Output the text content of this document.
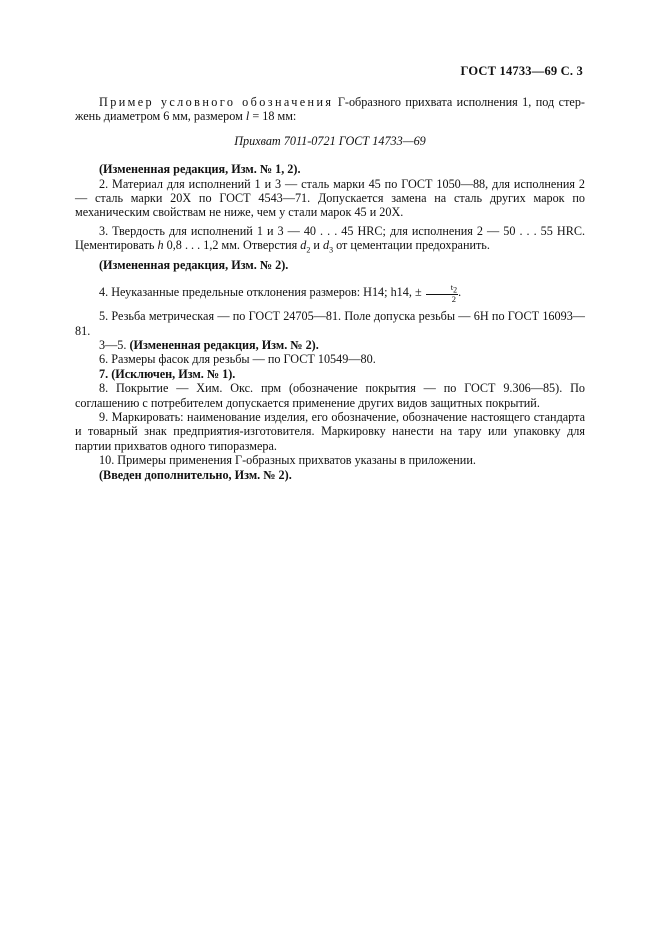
ГОСТ 14733—69 С. 3

Пример условного обозначения Г-образного прихвата исполнения 1, под стержень диаметром 6 мм, размером l = 18 мм:

Прихват 7011-0721 ГОСТ 14733—69

(Измененная редакция, Изм. № 1, 2).

2. Материал для исполнений 1 и 3 — сталь марки 45 по ГОСТ 1050—88, для исполнения 2 — сталь марки 20Х по ГОСТ 4543—71. Допускается замена на сталь других марок по механическим свойствам не ниже, чем у стали марок 45 и 20Х.

3. Твердость для исполнений 1 и 3 — 40 . . . 45 HRC; для исполнения 2 — 50 . . . 55 HRC. Цементировать h 0,8 . . . 1,2 мм. Отверстия $d_2$ и $d_3$ от цементации предохранить.

(Измененная редакция, Изм. № 2).

4. Неуказанные предельные отклонения размеров: H14; h14, ± $\frac{t_2}{2}$ .

5. Резьба метрическая — по ГОСТ 24705—81. Поле допуска резьбы — 6Н по ГОСТ 16093—81.

3—5. (Измененная редакция, Изм. № 2).

6. Размеры фасок для резьбы — по ГОСТ 10549—80.

7. (Исключен, Изм. № 1).

8. Покрытие — Хим. Окс. прм (обозначение покрытия — по ГОСТ 9.306—85). По соглашению с потребителем допускается применение других видов защитных покрытий.

9. Маркировать: наименование изделия, его обозначение, обозначение настоящего стандарта и товарный знак предприятия-изготовителя. Маркировку нанести на тару или упаковку для партии прихватов одного типоразмера.

10. Примеры применения Г-образных прихватов указаны в приложении.

(Введен дополнительно, Изм. № 2).
